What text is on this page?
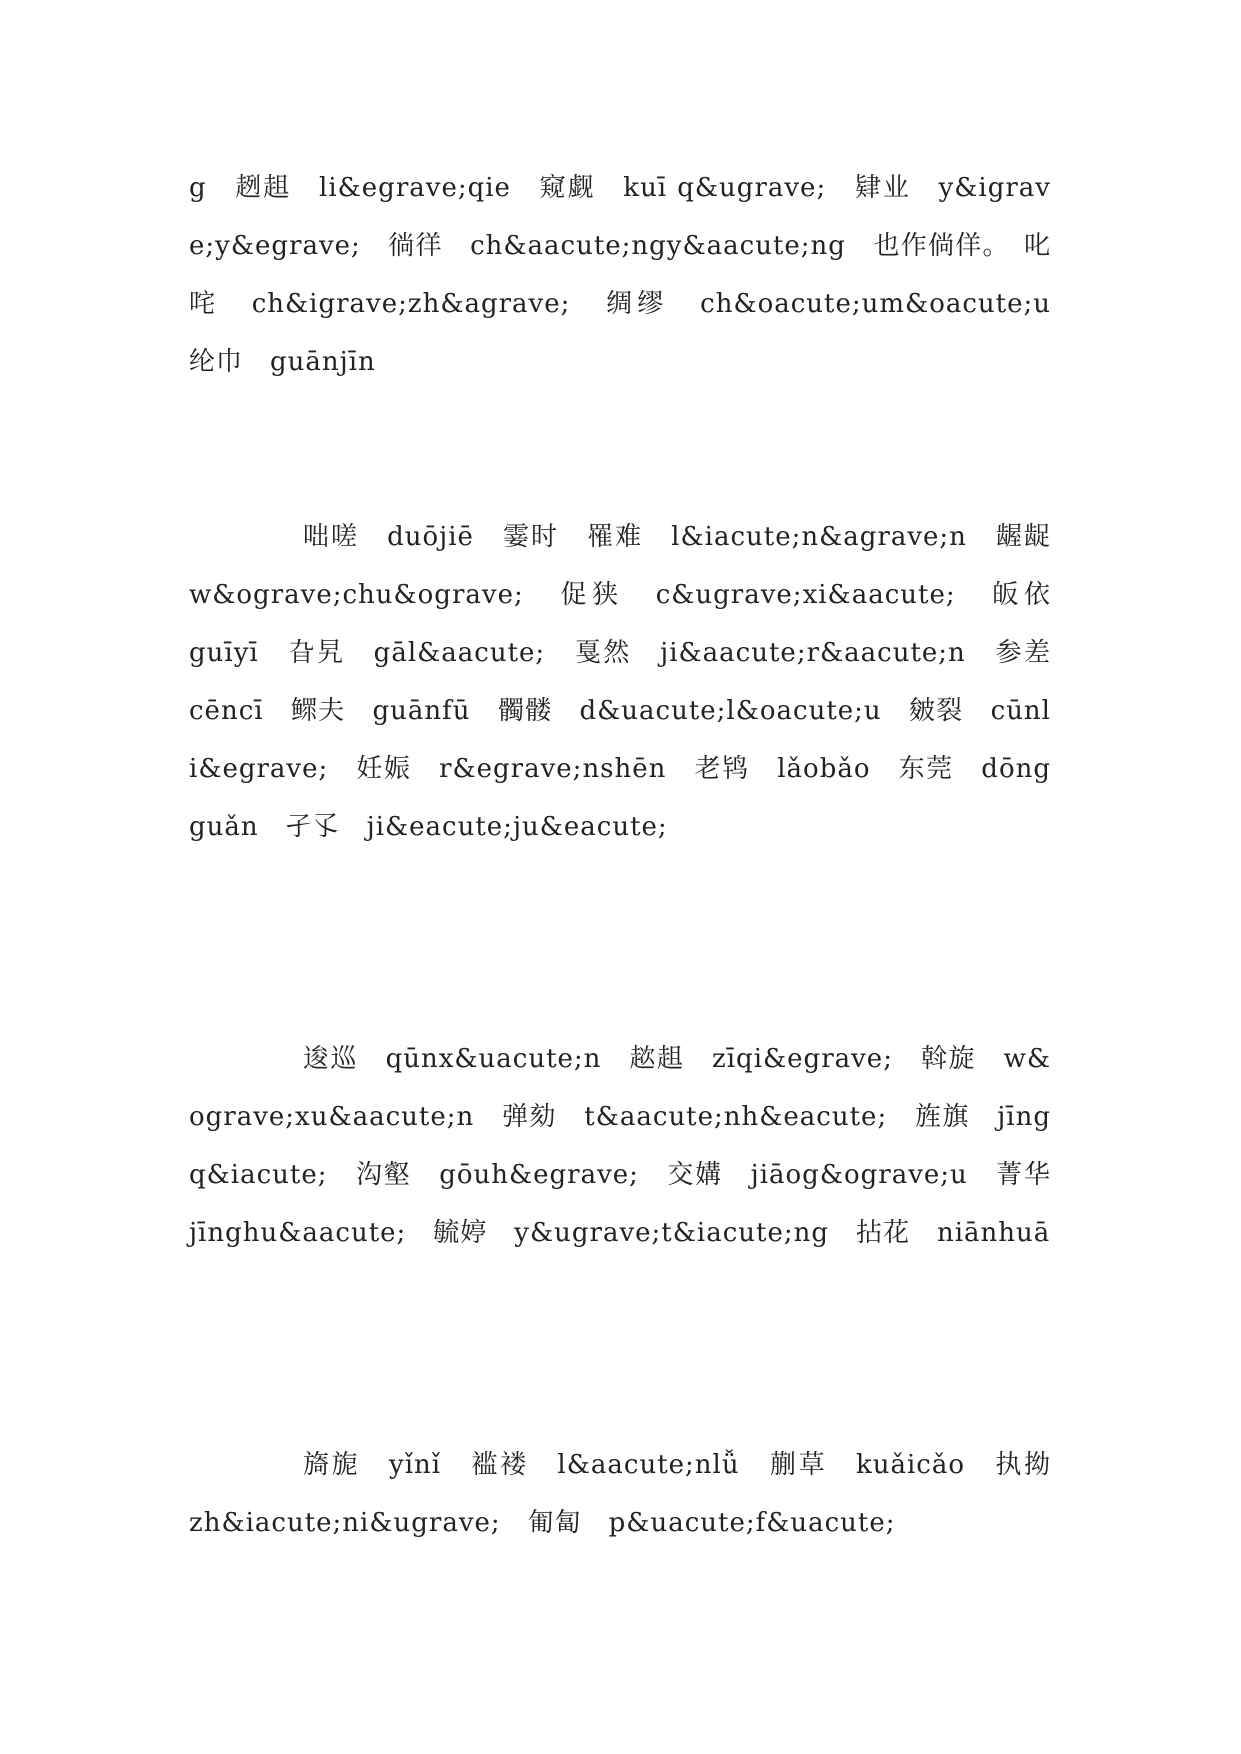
g　趔趄　li&egrave;qie　窥觑　kuī q&ugrave;　肄业　y&igrave;y&egrave;　徜徉　ch&aacute;ngy&aacute;ng　也作倘佯。　叱咤　ch&igrave;zh&agrave;　绸缪　ch&oacute;um&oacute;u　纶巾　guānjīn

咄嗟　duōjiē　霎时　罹难　l&iacute;n&agrave;n　龌龊　w&ograve;chu&ograve;　促狭　c&ugrave;xi&aacute;　皈依　guīyī　旮旯　gāl&aacute;　戛然　ji&aacute;r&aacute;n　参差　cēncī　鳏夫　guānfū　髑髅　d&uacute;l&oacute;u　皴裂　cūnli&egrave;　妊娠　r&egrave;nshēn　老鸨　lǎobǎo　东莞　dōngguǎn　孑孓　ji&eacute;ju&eacute;

逡巡　qūnx&uacute;n　趑趄　zīqi&egrave;　斡旋　w&ograve;xu&aacute;n　弹劾　t&aacute;nh&eacute;　旌旗　jīngq&iacute;　沟壑　gōuh&egrave;　交媾　jiāog&ograve;u　菁华　jīnghu&aacute;　毓婷　y&ugrave;t&iacute;ng　拈花　niānhuā

旖旎　yǐnǐ　褴褛　l&aacute;nlǚ　蒯草　kuǎicǎo　执拗　zh&iacute;ni&ugrave;　匍匐　p&uacute;f&uacute;
